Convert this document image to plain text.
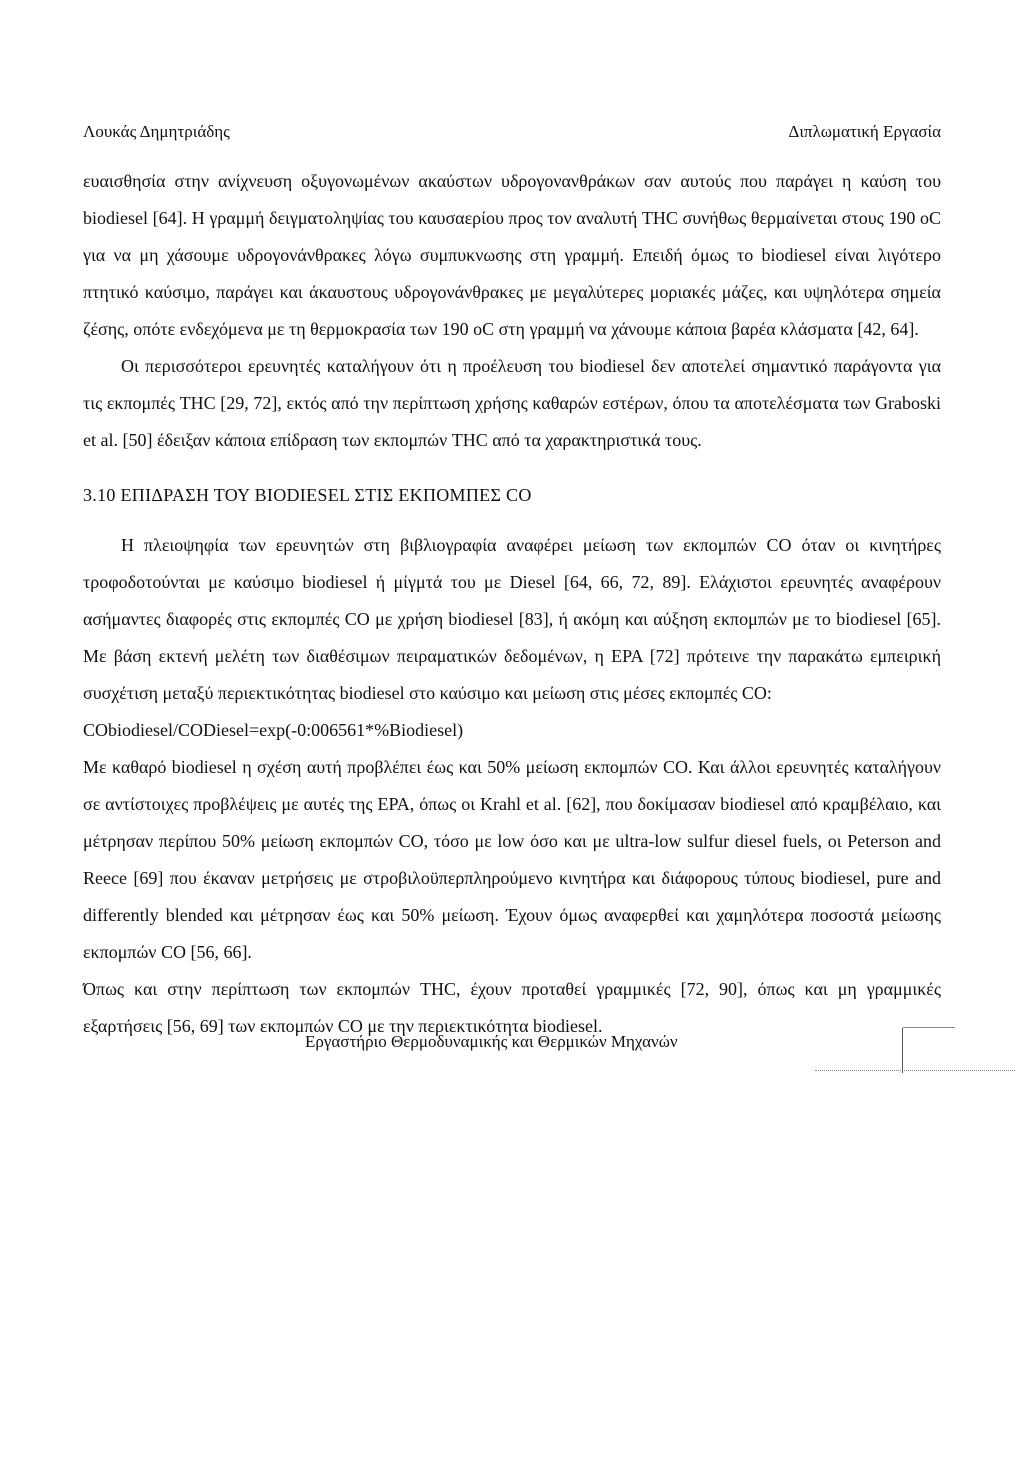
Λουκάς Δημητριάδης	Διπλωματική Εργασία

ευαισθησία στην ανίχνευση οξυγονωμένων ακαύστων υδρογονανθράκων σαν αυτούς που παράγει η καύση του biodiesel [64]. Η γραμμή δειγματοληψίας του καυσαερίου προς τον αναλυτή THC συνήθως θερμαίνεται στους 190 oC για να μη χάσουμε υδρογονάνθρακες λόγω συμπυκνωσης στη γραμμή. Επειδή όμως το biodiesel είναι λιγότερο πτητικό καύσιμο, παράγει και άκαυστους υδρογονάνθρακες με μεγαλύτερες μοριακές μάζες, και υψηλότερα σημεία ζέσης, οπότε ενδεχόμενα με τη θερμοκρασία των 190 oC στη γραμμή να χάνουμε κάποια βαρέα κλάσματα [42, 64].

Οι περισσότεροι ερευνητές καταλήγουν ότι η προέλευση του biodiesel δεν αποτελεί σημαντικό παράγοντα για τις εκπομπές THC [29, 72], εκτός από την περίπτωση χρήσης καθαρών εστέρων, όπου τα αποτελέσματα των Graboski et al. [50] έδειξαν κάποια επίδραση των εκπομπών THC από τα χαρακτηριστικά τους.

3.10 ΕΠΙΔΡΑΣΗ ΤΟΥ BIODIESEL ΣΤΙΣ ΕΚΠΟΜΠΕΣ CO

Η πλειοψηφία των ερευνητών στη βιβλιογραφία αναφέρει μείωση των εκπομπών CO όταν οι κινητήρες τροφοδοτούνται με καύσιμο biodiesel ή μίγμτά του με Diesel [64, 66, 72, 89]. Ελάχιστοι ερευνητές αναφέρουν ασήμαντες διαφορές στις εκπομπές CO με χρήση biodiesel [83], ή ακόμη και αύξηση εκπομπών με το biodiesel [65]. Με βάση εκτενή μελέτη των διαθέσιμων πειραματικών δεδομένων, η EPA [72] πρότεινε την παρακάτω εμπειρική συσχέτιση μεταξύ περιεκτικότητας biodiesel στο καύσιμο και μείωση στις μέσες εκπομπές CO:

CObiodiesel/CODiesel=exp(-0:006561*%Biodiesel)

Με καθαρό biodiesel η σχέση αυτή προβλέπει έως και 50% μείωση εκπομπών CO. Και άλλοι ερευνητές καταλήγουν σε αντίστοιχες προβλέψεις με αυτές της EPA, όπως οι Krahl et al. [62], που δοκίμασαν biodiesel από κραμβέλαιο, και μέτρησαν περίπου 50% μείωση εκπομπών CO, τόσο με low όσο και με ultra-low sulfur diesel fuels, οι Peterson and Reece [69] που έκαναν μετρήσεις με στροβιλοϋπερπληρούμενο κινητήρα και διάφορους τύπους biodiesel, pure and differently blended και μέτρησαν έως και 50% μείωση. Έχουν όμως αναφερθεί και χαμηλότερα ποσοστά μείωσης εκπομπών CO [56, 66].

Όπως και στην περίπτωση των εκπομπών THC, έχουν προταθεί γραμμικές [72, 90], όπως και μη γραμμικές εξαρτήσεις [56, 69] των εκπομπών CO με την περιεκτικότητα biodiesel.

Εργαστήριο Θερμοδυναμικής και Θερμικών Μηχανών
